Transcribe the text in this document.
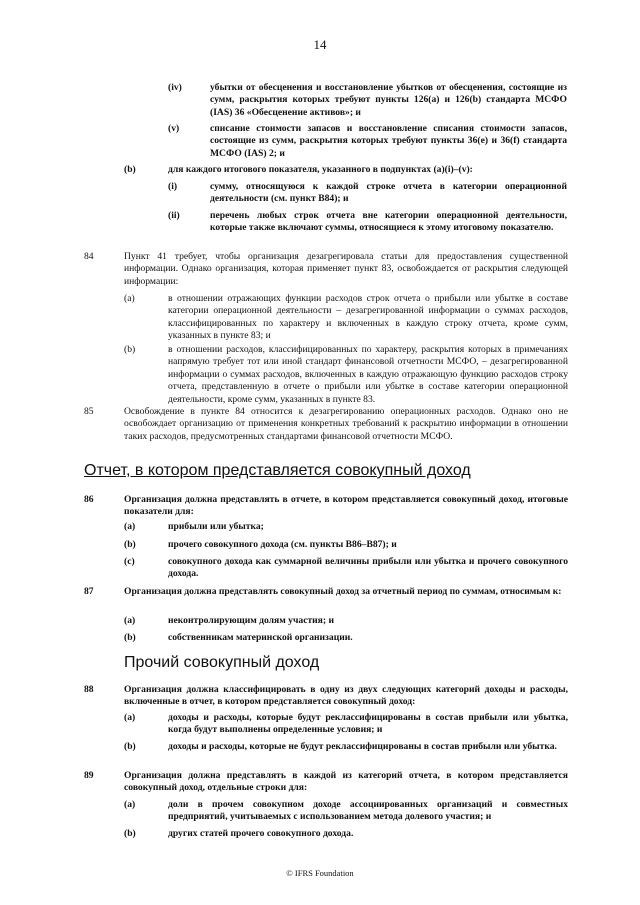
14
(iv)	убытки от обесценения и восстановление убытков от обесценения, состоящие из сумм, раскрытия которых требуют пункты 126(a) и 126(b) стандарта МСФО (IAS) 36 «Обесценение активов»; и
(v)	списание стоимости запасов и восстановление списания стоимости запасов, состоящие из сумм, раскрытия которых требуют пункты 36(e) и 36(f) стандарта МСФО (IAS) 2; и
(b)	для каждого итогового показателя, указанного в подпунктах (a)(i)–(v):
(i)	сумму, относящуюся к каждой строке отчета в категории операционной деятельности (см. пункт B84); и
(ii)	перечень любых строк отчета вне категории операционной деятельности, которые также включают суммы, относящиеся к этому итоговому показателю.
84	Пункт 41 требует, чтобы организация дезагрегировала статьи для предоставления существенной информации. Однако организация, которая применяет пункт 83, освобождается от раскрытия следующей информации:
(a)	в отношении отражающих функции расходов строк отчета о прибыли или убытке в составе категории операционной деятельности – дезагрегированной информации о суммах расходов, классифицированных по характеру и включенных в каждую строку отчета, кроме сумм, указанных в пункте 83; и
(b)	в отношении расходов, классифицированных по характеру, раскрытия которых в примечаниях напрямую требует тот или иной стандарт финансовой отчетности МСФО, – дезагрегированной информации о суммах расходов, включенных в каждую отражающую функцию расходов строку отчета, представленную в отчете о прибыли или убытке в составе категории операционной деятельности, кроме сумм, указанных в пункте 83.
85	Освобождение в пункте 84 относится к дезагрегированию операционных расходов. Однако оно не освобождает организацию от применения конкретных требований к раскрытию информации в отношении таких расходов, предусмотренных стандартами финансовой отчетности МСФО.
Отчет, в котором представляется совокупный доход
86	Организация должна представлять в отчете, в котором представляется совокупный доход, итоговые показатели для:
(a)	прибыли или убытка;
(b)	прочего совокупного дохода (см. пункты B86–B87); и
(c)	совокупного дохода как суммарной величины прибыли или убытка и прочего совокупного дохода.
87	Организация должна представлять совокупный доход за отчетный период по суммам, относимым к:
(a)	неконтролирующим долям участия; и
(b)	собственникам материнской организации.
Прочий совокупный доход
88	Организация должна классифицировать в одну из двух следующих категорий доходы и расходы, включенные в отчет, в котором представляется совокупный доход:
(a)	доходы и расходы, которые будут реклассифицированы в состав прибыли или убытка, когда будут выполнены определенные условия; и
(b)	доходы и расходы, которые не будут реклассифицированы в состав прибыли или убытка.
89	Организация должна представлять в каждой из категорий отчета, в котором представляется совокупный доход, отдельные строки для:
(a)	доли в прочем совокупном доходе ассоциированных организаций и совместных предприятий, учитываемых с использованием метода долевого участия; и
(b)	других статей прочего совокупного дохода.
© IFRS Foundation
